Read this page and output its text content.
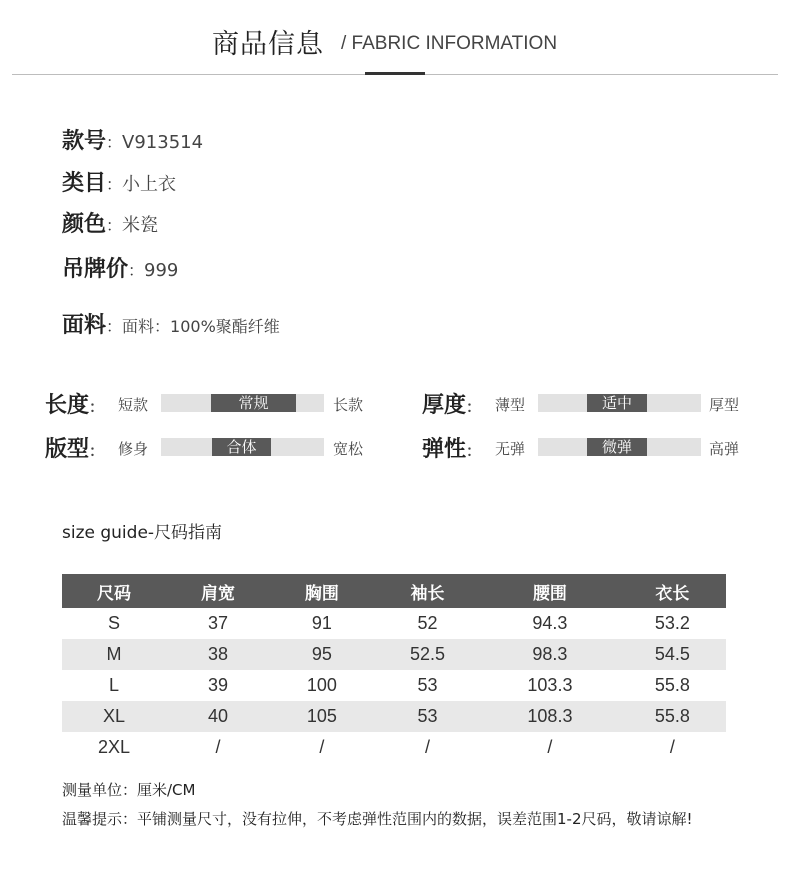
商品信息 / FABRIC INFORMATION
款号：V913514
类目：小上衣
颜色：米瓷
吊牌价：999
面料：面料：100%聚酯纤维
长度： 短款	常规	长款	厚度： 薄型	适中	厚型
版型： 修身	合体	宽松	弹性： 无弹	微弹	高弹
size guide-尺码指南
尺码	肩宽	胸围	袖长	腰围	衣长
S	37	91	52	94.3	53.2
M	38	95	52.5	98.3	54.5
L	39	100	53	103.3	55.8
XL	40	105	53	108.3	55.8
2XL	/	/	/	/	/
测量单位：厘米/CM
温馨提示：平铺测量尺寸，没有拉伸，不考虑弹性范围内的数据，误差范围1-2尺码，敬请谅解!
